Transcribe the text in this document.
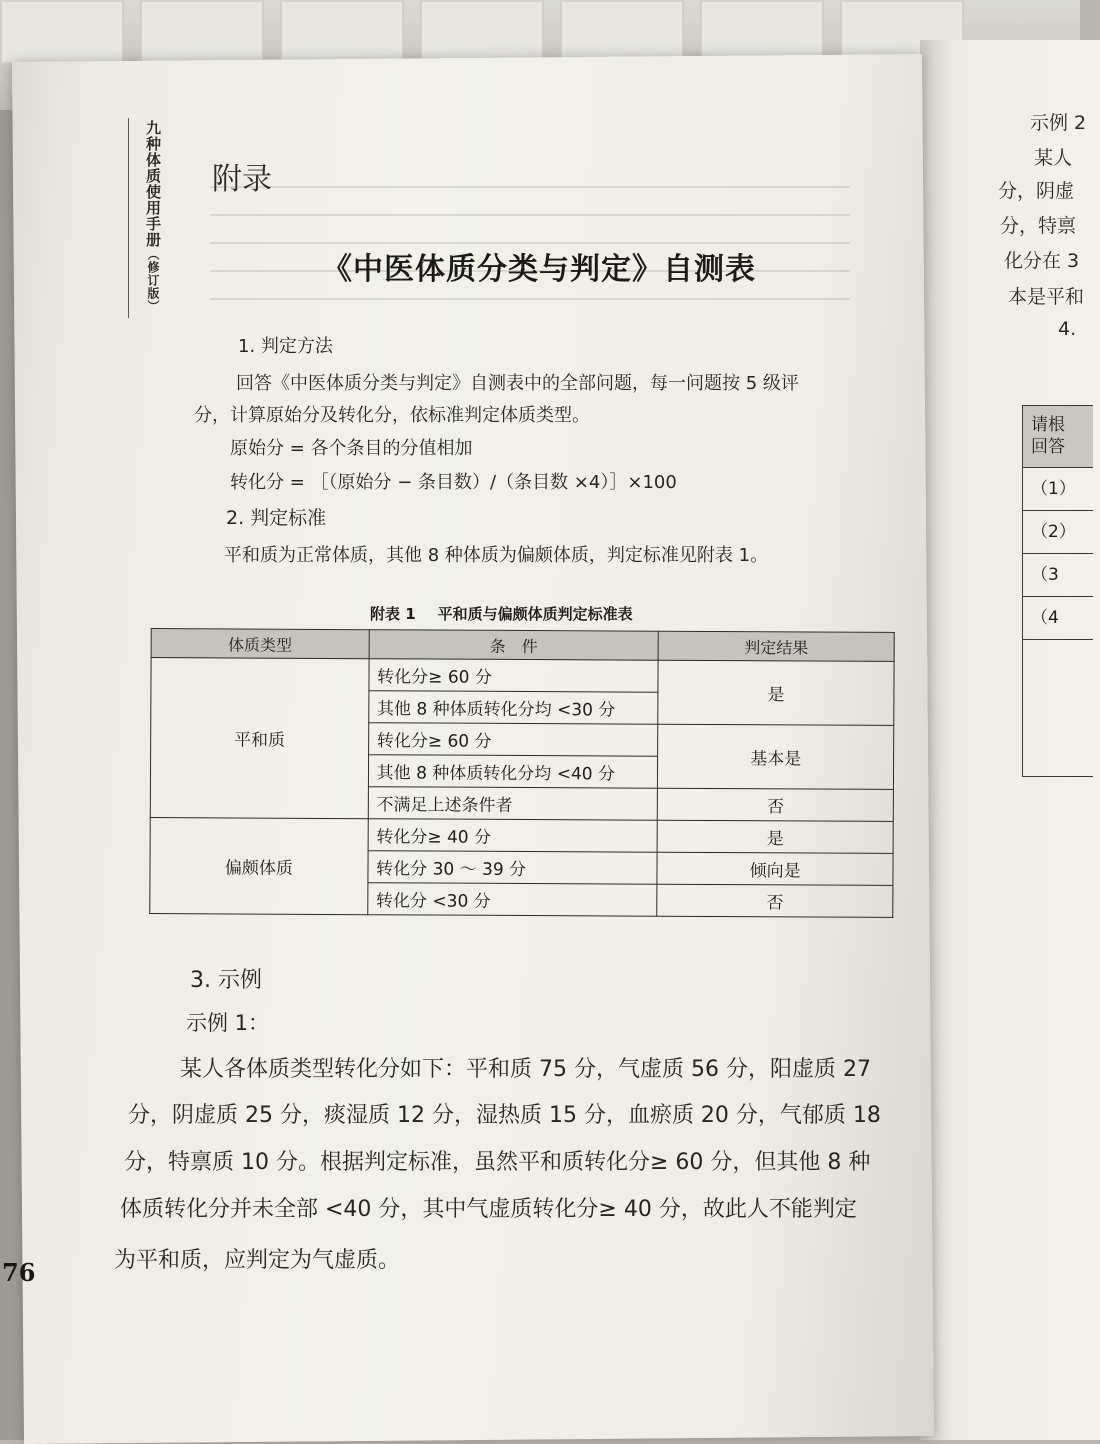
示例 2
某人
分，阴虚
分，特禀
化分在 3
本是平和
4.
请根
回答
（1）
（2）
（3
（4
九种体质使用手册（修订版）
附录
《中医体质分类与判定》自测表
1. 判定方法
回答《中医体质分类与判定》自测表中的全部问题，每一问题按 5 级评
分，计算原始分及转化分，依标准判定体质类型。
原始分 = 各个条目的分值相加
转化分 = ［（原始分 − 条目数）/（条目数 ×4）］×100
2. 判定标准
平和质为正常体质，其他 8 种体质为偏颇体质，判定标准见附表 1。
附表 1 平和质与偏颇体质判定标准表
体质类型	条　件	判定结果
平和质	转化分≥ 60 分	是
	其他 8 种体质转化分均 <30 分	
	转化分≥ 60 分	基本是
	其他 8 种体质转化分均 <40 分	
	不满足上述条件者	否
偏颇体质	转化分≥ 40 分	是
	转化分 30 ～ 39 分	倾向是
	转化分 <30 分	否
3. 示例
示例 1：
某人各体质类型转化分如下：平和质 75 分，气虚质 56 分，阳虚质 27
分，阴虚质 25 分，痰湿质 12 分，湿热质 15 分，血瘀质 20 分，气郁质 18
分，特禀质 10 分。根据判定标准，虽然平和质转化分≥ 60 分，但其他 8 种
体质转化分并未全部 <40 分，其中气虚质转化分≥ 40 分，故此人不能判定
为平和质，应判定为气虚质。
76
